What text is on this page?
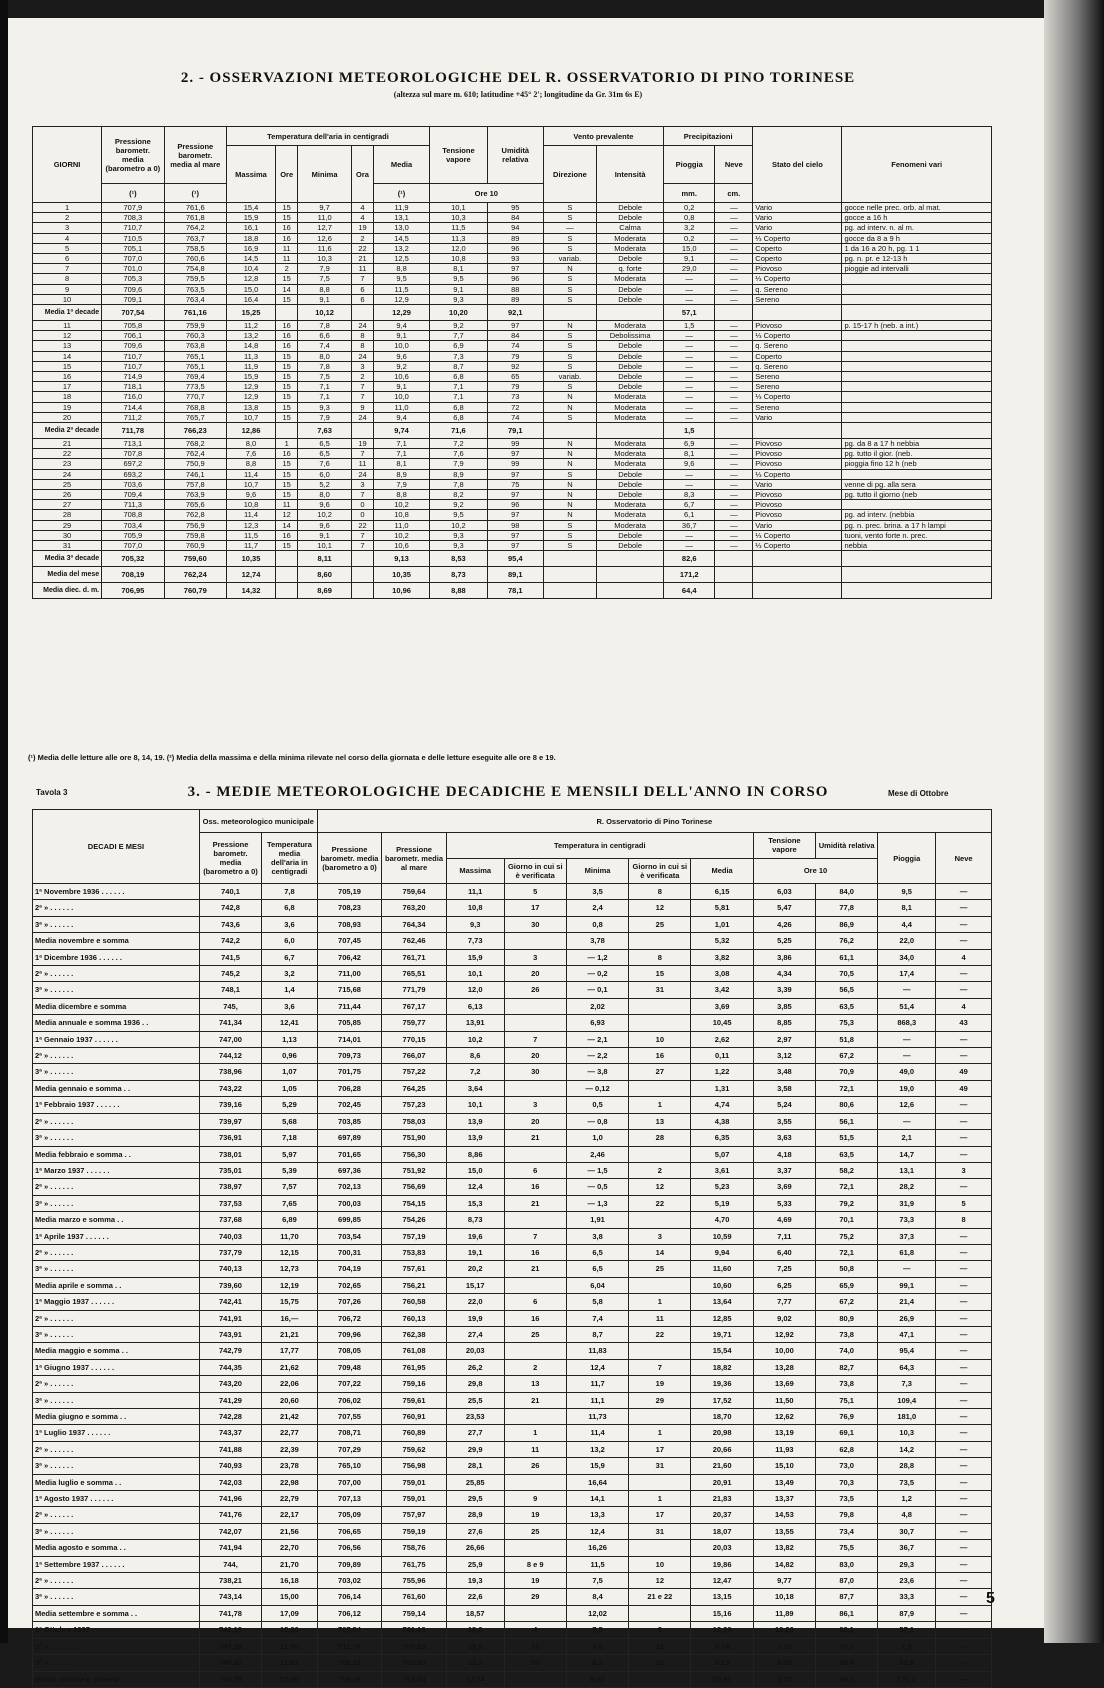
2. - OSSERVAZIONI METEOROLOGICHE DEL R. OSSERVATORIO DI PINO TORINESE
(altezza sul mare m. 610; latitudine +45° 2'; longitudine da Gr. 31m 6s E)
GIORNI	Pressione barometr. media (barometro a 0)	Pressione barometr. media al mare	Temperatura dell'aria in centigradi					Tensione vapore	Umidità relativa	Vento prevalente		Precipitazioni		Stato del cielo	Fenomeni vari
			Massima	Ore	Minima	Ora	Media			Direzione	Intensità	Pioggia	Neve		
	(¹)	(¹)					(¹)	Ore 10				mm.	cm.		
1	707,9	761,6	15,4	15	9,7	4	11,9	10,1	95	S	Debole	0,2	—	Vario	gocce nelle prec. orb. al mat.
2	708,3	761,8	15,9	15	11,0	4	13,1	10,3	84	S	Debole	0,8	—	Vario	gocce a 16 h
3	710,7	764,2	16,1	16	12,7	19	13,0	11,5	94	—	Calma	3,2	—	Vario	pg. ad interv. n. al m.
4	710,5	763,7	18,8	16	12,6	2	14,5	11,3	89	S	Moderata	0,2	—	⅓ Coperto	gocce da 8 a 9 h
5	705,1	758,5	16,9	11	11,6	22	13,2	12,0	96	S	Moderata	15,0	—	Coperto	1 da 16 a 20 h, pg. 1 1
6	707,0	760,6	14,5	11	10,3	21	12,5	10,8	93	variab.	Debole	9,1	—	Coperto	pg. n. pr. e 12-13 h
7	701,0	754,8	10,4	2	7,9	11	8,8	8,1	97	N	q. forte	29,0	—	Piovoso	pioggie ad intervalli
8	705,3	759,5	12,8	15	7,5	7	9,5	9,5	96	S	Moderata	—	—	⅓ Coperto	
9	709,6	763,5	15,0	14	8,8	6	11,5	9,1	88	S	Debole	—	—	q. Sereno	
10	709,1	763,4	16,4	15	9,1	6	12,9	9,3	89	S	Debole	—	—	Sereno	
Media 1ª decade	707,54	761,16	15,25		10,12		12,29	10,20	92,1			57,1			
11	705,8	759,9	11,2	16	7,8	24	9,4	9,2	97	N	Moderata	1,5	—	Piovoso	p. 15-17 h (neb. a int.)
12	706,1	760,3	13,2	16	6,6	8	9,1	7,7	84	S	Debolissima	—	—	⅓ Coperto	
13	709,6	763,8	14,8	16	7,4	8	10,0	6,9	74	S	Debole	—	—	q. Sereno	
14	710,7	765,1	11,3	15	8,0	24	9,6	7,3	79	S	Debole	—	—	Coperto	
15	710,7	765,1	11,9	15	7,8	3	9,2	8,7	92	S	Debole	—	—	q. Sereno	
16	714,9	769,4	15,9	15	7,5	2	10,6	6,8	65	variab.	Debole	—	—	Sereno	
17	718,1	773,5	12,9	15	7,1	7	9,1	7,1	79	S	Debole	—	—	Sereno	
18	716,0	770,7	12,9	15	7,1	7	10,0	7,1	73	N	Moderata	—	—	⅓ Coperto	
19	714,4	768,8	13,8	15	9,3	9	11,0	6,8	72	N	Moderata	—	—	Sereno	
20	711,2	765,7	10,7	15	7,9	24	9,4	6,8	74	S	Moderata	—	—	Vario	
Media 2ª decade	711,78	766,23	12,86		7,63		9,74	71,6	79,1			1,5			
21	713,1	768,2	8,0	1	6,5	19	7,1	7,2	99	N	Moderata	6,9	—	Piovoso	pg. da 8 a 17 h nebbia
22	707,8	762,4	7,6	16	6,5	7	7,1	7,6	97	N	Moderata	8,1	—	Piovoso	pg. tutto il gior. (neb.
23	697,2	750,9	8,8	15	7,6	11	8,1	7,9	99	N	Moderata	9,6	—	Piovoso	pioggia fino 12 h (neb
24	693,2	746,1	11,4	15	6,0	24	8,9	8,9	97	S	Debole	—	—	⅓ Coperto	
25	703,6	757,8	10,7	15	5,2	3	7,9	7,8	75	N	Debole	—	—	Vario	venne di pg. alla sera
26	709,4	763,9	9,6	15	8,0	7	8,8	8,2	97	N	Debole	8,3	—	Piovoso	pg. tutto il giorno (neb
27	711,3	765,6	10,8	11	9,6	0	10,2	9,2	96	N	Moderata	6,7	—	Piovoso	
28	708,8	762,8	11,4	12	10,2	0	10,8	9,5	97	N	Moderata	6,1	—	Piovoso	pg. ad interv. (nebbia
29	703,4	756,9	12,3	14	9,6	22	11,0	10,2	98	S	Moderata	36,7	—	Vario	pg. n. prec. brina. a 17 h lampi
30	705,9	759,8	11,5	16	9,1	7	10,2	9,3	97	S	Debole	—	—	⅓ Coperto	tuoni, vento forte n. prec.
31	707,0	760,9	11,7	15	10,1	7	10,6	9,3	97	S	Debole	—	—	⅓ Coperto	nebbia
Media 3ª decade	705,32	759,60	10,35		8,11		9,13	8,53	95,4			82,6			
Media del mese	708,19	762,24	12,74		8,60		10,35	8,73	89,1			171,2			
Media diec. d. m.	706,95	760,79	14,32		8,69		10,96	8,88	78,1			64,4			
(¹) Media delle letture alle ore 8, 14, 19. (²) Media della massima e della minima rilevate nel corso della giornata e delle letture eseguite alle ore 8 e 19.
Tavola 3	3. - MEDIE METEOROLOGICHE DECADICHE E MENSILI DELL'ANNO IN CORSO	Mese di Ottobre
DECADI E MESI	Oss. meteorologico municipale		R. Osservatorio di Pino Torinese										
	Pressione barometr. media (barometro a 0)	Temperatura media dell'aria in centigradi	Pressione barometr. media (barometro a 0)	Pressione barometr. media al mare	Temperatura in centigradi					Tensione vapore	Umidità relativa	Pioggia	Neve
					Massima	Giorno in cui si è verificata	Minima	Giorno in cui si è verificata	Media	Ore 10			
1ª Novembre 1936 . . . . . .	740,1	7,8	705,19	759,64	11,1	5	3,5	8	6,15	6,03	84,0	9,5	—
2ª » . . . . . .	742,8	6,8	708,23	763,20	10,8	17	2,4	12	5,81	5,47	77,8	8,1	—
3ª » . . . . . .	743,6	3,6	708,93	764,34	9,3	30	0,8	25	1,01	4,26	86,9	4,4	—
Media novembre e somma	742,2	6,0	707,45	762,46	7,73		3,78		5,32	5,25	76,2	22,0	—
1ª Dicembre 1936 . . . . . .	741,5	6,7	706,42	761,71	15,9	3	— 1,2	8	3,82	3,86	61,1	34,0	4
2ª » . . . . . .	745,2	3,2	711,00	765,51	10,1	20	— 0,2	15	3,08	4,34	70,5	17,4	—
3ª » . . . . . .	748,1	1,4	715,68	771,79	12,0	26	— 0,1	31	3,42	3,39	56,5	—	—
Media dicembre e somma	745,	3,6	711,44	767,17	6,13		2,02		3,69	3,85	63,5	51,4	4
Media annuale e somma 1936 . .	741,34	12,41	705,85	759,77	13,91		6,93		10,45	8,85	75,3	868,3	43
1ª Gennaio 1937 . . . . . .	747,00	1,13	714,01	770,15	10,2	7	— 2,1	10	2,62	2,97	51,8	—	—
2ª » . . . . . .	744,12	0,96	709,73	766,07	8,6	20	— 2,2	16	0,11	3,12	67,2	—	—
3ª » . . . . . .	738,96	1,07	701,75	757,22	7,2	30	— 3,8	27	1,22	3,48	70,9	49,0	49
Media gennaio e somma . .	743,22	1,05	706,28	764,25	3,64		— 0,12		1,31	3,58	72,1	19,0	49
1ª Febbraio 1937 . . . . . .	739,16	5,29	702,45	757,23	10,1	3	0,5	1	4,74	5,24	80,6	12,6	—
2ª » . . . . . .	739,97	5,68	703,85	758,03	13,9	20	— 0,8	13	4,38	3,55	56,1	—	—
3ª » . . . . . .	736,91	7,18	697,89	751,90	13,9	21	1,0	28	6,35	3,63	51,5	2,1	—
Media febbraio e somma . .	738,01	5,97	701,65	756,30	8,86		2,46		5,07	4,18	63,5	14,7	—
1ª Marzo 1937 . . . . . .	735,01	5,39	697,36	751,92	15,0	6	— 1,5	2	3,61	3,37	58,2	13,1	3
2ª » . . . . . .	738,97	7,57	702,13	756,69	12,4	16	— 0,5	12	5,23	3,69	72,1	28,2	—
3ª » . . . . . .	737,53	7,65	700,03	754,15	15,3	21	— 1,3	22	5,19	5,33	79,2	31,9	5
Media marzo e somma . .	737,68	6,89	699,85	754,26	8,73		1,91		4,70	4,69	70,1	73,3	8
1ª Aprile 1937 . . . . . .	740,03	11,70	703,54	757,19	19,6	7	3,8	3	10,59	7,11	75,2	37,3	—
2ª » . . . . . .	737,79	12,15	700,31	753,83	19,1	16	6,5	14	9,94	6,40	72,1	61,8	—
3ª » . . . . . .	740,13	12,73	704,19	757,61	20,2	21	6,5	25	11,60	7,25	50,8	—	—
Media aprile e somma . .	739,60	12,19	702,65	756,21	15,17		6,04		10,60	6,25	65,9	99,1	—
1ª Maggio 1937 . . . . . .	742,41	15,75	707,26	760,58	22,0	6	5,8	1	13,64	7,77	67,2	21,4	—
2ª » . . . . . .	741,91	16,—	706,72	760,13	19,9	16	7,4	11	12,85	9,02	80,9	26,9	—
3ª » . . . . . .	743,91	21,21	709,96	762,38	27,4	25	8,7	22	19,71	12,92	73,8	47,1	—
Media maggio e somma . .	742,79	17,77	708,05	761,08	20,03		11,83		15,54	10,00	74,0	95,4	—
1ª Giugno 1937 . . . . . .	744,35	21,62	709,48	761,95	26,2	2	12,4	7	18,82	13,28	82,7	64,3	—
2ª » . . . . . .	743,20	22,06	707,22	759,16	29,8	13	11,7	19	19,36	13,69	73,8	7,3	—
3ª » . . . . . .	741,29	20,60	706,02	759,61	25,5	21	11,1	29	17,52	11,50	75,1	109,4	—
Media giugno e somma . .	742,28	21,42	707,55	760,91	23,53		11,73		18,70	12,62	76,9	181,0	—
1ª Luglio 1937 . . . . . .	743,37	22,77	708,71	760,89	27,7	1	11,4	1	20,98	13,19	69,1	10,3	—
2ª » . . . . . .	741,88	22,39	707,29	759,62	29,9	11	13,2	17	20,66	11,93	62,8	14,2	—
3ª » . . . . . .	740,93	23,78	765,10	756,98	28,1	26	15,9	31	21,60	15,10	73,0	28,8	—
Media luglio e somma . .	742,03	22,98	707,00	759,01	25,85		16,64		20,91	13,49	70,3	73,5	—
1ª Agosto 1937 . . . . . .	741,96	22,79	707,13	759,01	29,5	9	14,1	1	21,83	13,37	73,5	1,2	—
2ª » . . . . . .	741,76	22,17	705,09	757,97	28,9	19	13,3	17	20,37	14,53	79,8	4,8	—
3ª » . . . . . .	742,07	21,56	706,65	759,19	27,6	25	12,4	31	18,07	13,55	73,4	30,7	—
Media agosto e somma . .	741,94	22,70	706,56	758,76	26,66		16,26		20,03	13,82	75,5	36,7	—
1ª Settembre 1937 . . . . . .	744,	21,70	709,89	761,75	25,9	8 e 9	11,5	10	19,86	14,82	83,0	29,3	—
2ª » . . . . . .	738,21	16,18	703,02	755,96	19,3	19	7,5	12	12,47	9,77	87,0	23,6	—
3ª » . . . . . .	743,14	15,00	706,14	761,60	22,6	29	8,4	21 e 22	13,15	10,18	87,7	33,3	—
Media settembre e somma . .	741,78	17,09	706,12	759,14	18,57		12,02		15,16	11,89	86,1	87,9	—
1ª Ottobre 1937 . . . . . .	742,18	15,80	707,54	761,16	18,0	4	7,5	8	12,29	10,20	92,1	57,1	—
2ª » . . . . . .	743,30	11,90	711,78	766,23	18,9	16	6,6	12	9,74	7,16	79,1	1,5	—
3ª » . . . . . .	740,82	11,81	705,32	759,60	12,3	29	5,2	25	9,13	8,53	95,4	82,6	—
Media ottobre e somma . .	742,70	13,00	708,19	762,24	12,74		8,60		10,35	8,73	89,1	171,2	—
5
